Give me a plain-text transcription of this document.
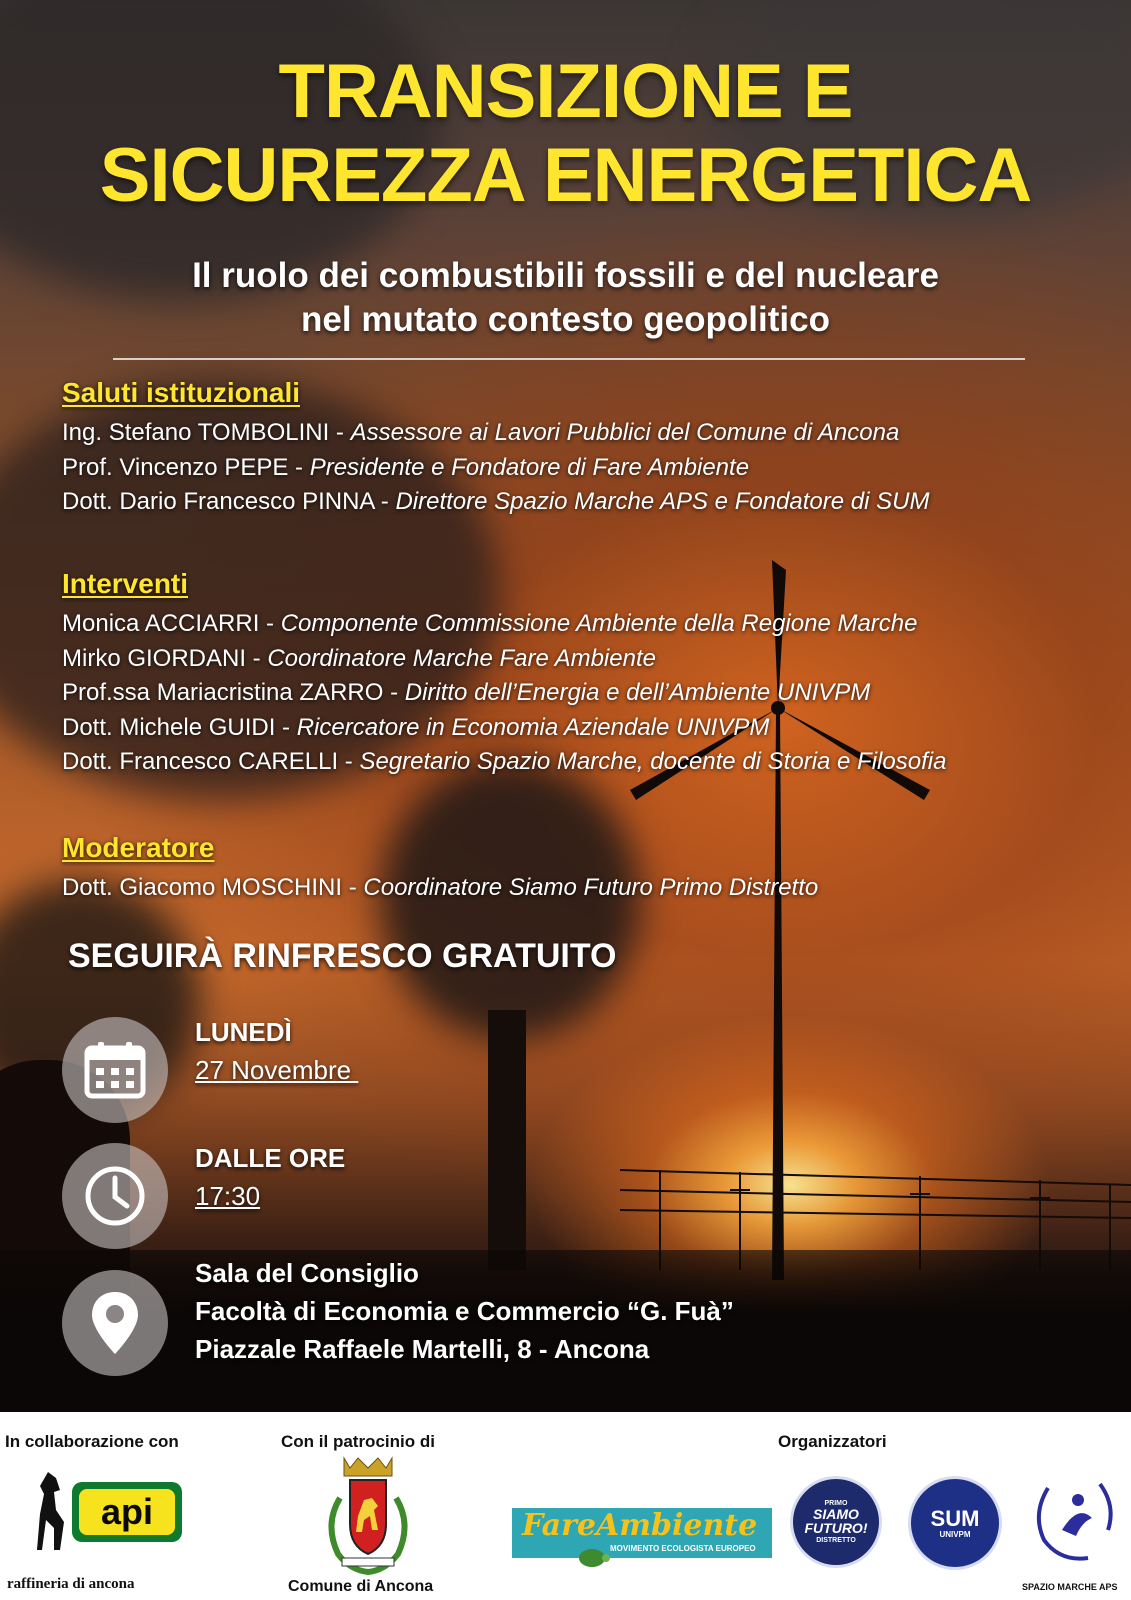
TRANSIZIONE E
SICUREZZA ENERGETICA
Il ruolo dei combustibili fossili e del nucleare
nel mutato contesto geopolitico
Saluti istituzionali
Ing. Stefano TOMBOLINI - Assessore ai Lavori Pubblici del Comune di Ancona
Prof. Vincenzo PEPE - Presidente e Fondatore di Fare Ambiente
Dott. Dario Francesco PINNA - Direttore Spazio Marche APS e Fondatore di SUM
Interventi
Monica ACCIARRI - Componente Commissione Ambiente della Regione Marche
Mirko GIORDANI - Coordinatore Marche Fare Ambiente
Prof.ssa Mariacristina ZARRO - Diritto dell’Energia e dell’Ambiente UNIVPM
Dott. Michele GUIDI - Ricercatore in Economia Aziendale UNIVPM
Dott. Francesco CARELLI - Segretario Spazio Marche, docente di Storia e Filosofia
Moderatore
Dott. Giacomo MOSCHINI - Coordinatore Siamo Futuro Primo Distretto
SEGUIRÀ RINFRESCO GRATUITO
LUNEDÌ
27 Novembre
DALLE ORE
17:30
Sala del Consiglio
Facoltà di Economia e Commercio “G. Fuà”
Piazzale Raffaele Martelli, 8 - Ancona
In collaborazione con	Con il patrocinio di	Organizzatori
api
raffineria di ancona	Comune di Ancona
FareAmbiente
MOVIMENTO ECOLOGISTA EUROPEO
PRIMO
SIAMO FUTURO!
DISTRETTO
SUM
UNIVPM
SPAZIO MARCHE APS
